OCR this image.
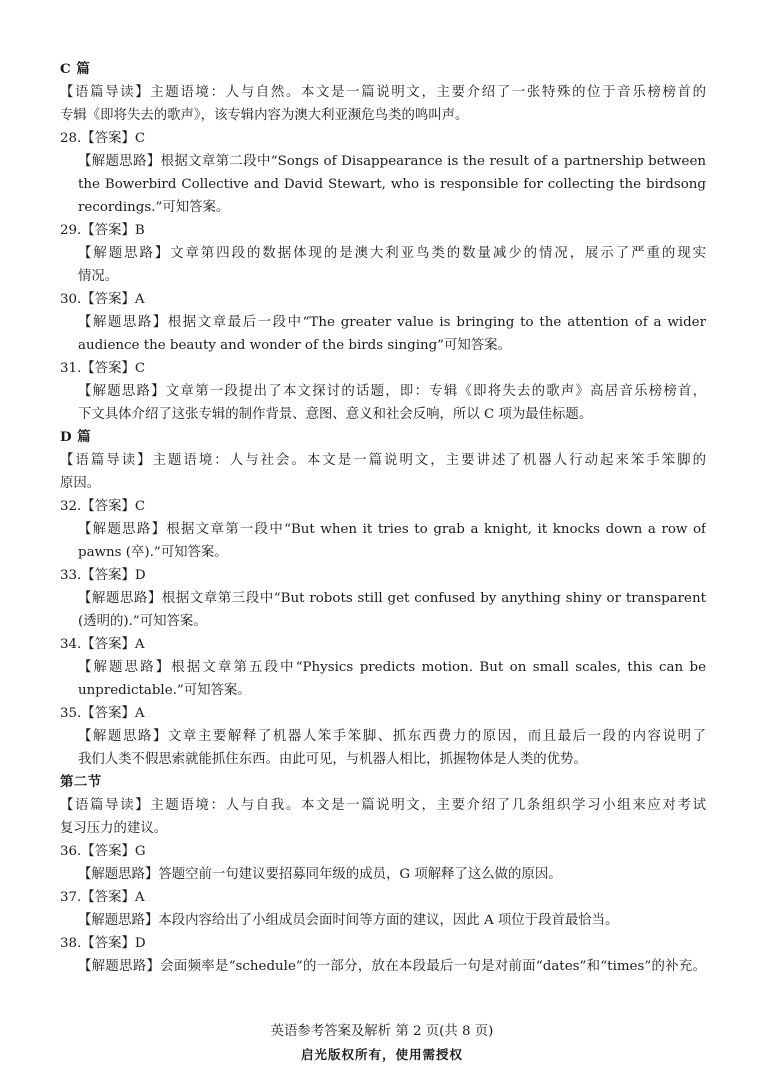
C 篇
【语篇导读】主题语境：人与自然。本文是一篇说明文，主要介绍了一张特殊的位于音乐榜榜首的
专辑《即将失去的歌声》，该专辑内容为澳大利亚濒危鸟类的鸣叫声。
28.【答案】C
【解题思路】根据文章第二段中“Songs of Disappearance is the result of a partnership between
the Bowerbird Collective and David Stewart, who is responsible for collecting the birdsong
recordings.”可知答案。
29.【答案】B
【解题思路】文章第四段的数据体现的是澳大利亚鸟类的数量减少的情况，展示了严重的现实
情况。
30.【答案】A
【解题思路】根据文章最后一段中“The greater value is bringing to the attention of a wider
audience the beauty and wonder of the birds singing”可知答案。
31.【答案】C
【解题思路】文章第一段提出了本文探讨的话题，即：专辑《即将失去的歌声》高居音乐榜榜首，
下文具体介绍了这张专辑的制作背景、意图、意义和社会反响，所以 C 项为最佳标题。
D 篇
【语篇导读】主题语境：人与社会。本文是一篇说明文，主要讲述了机器人行动起来笨手笨脚的
原因。
32.【答案】C
【解题思路】根据文章第一段中“But when it tries to grab a knight, it knocks down a row of
pawns (卒).”可知答案。
33.【答案】D
【解题思路】根据文章第三段中“But robots still get confused by anything shiny or transparent
(透明的).”可知答案。
34.【答案】A
【解题思路】根据文章第五段中“Physics predicts motion. But on small scales, this can be
unpredictable.”可知答案。
35.【答案】A
【解题思路】文章主要解释了机器人笨手笨脚、抓东西费力的原因，而且最后一段的内容说明了
我们人类不假思索就能抓住东西。由此可见，与机器人相比，抓握物体是人类的优势。
第二节
【语篇导读】主题语境：人与自我。本文是一篇说明文，主要介绍了几条组织学习小组来应对考试
复习压力的建议。
36.【答案】G
【解题思路】答题空前一句建议要招募同年级的成员，G 项解释了这么做的原因。
37.【答案】A
【解题思路】本段内容给出了小组成员会面时间等方面的建议，因此 A 项位于段首最恰当。
38.【答案】D
【解题思路】会面频率是“schedule”的一部分，放在本段最后一句是对前面“dates”和“times”的补充。
英语参考答案及解析 第 2 页(共 8 页)
启光版权所有，使用需授权
